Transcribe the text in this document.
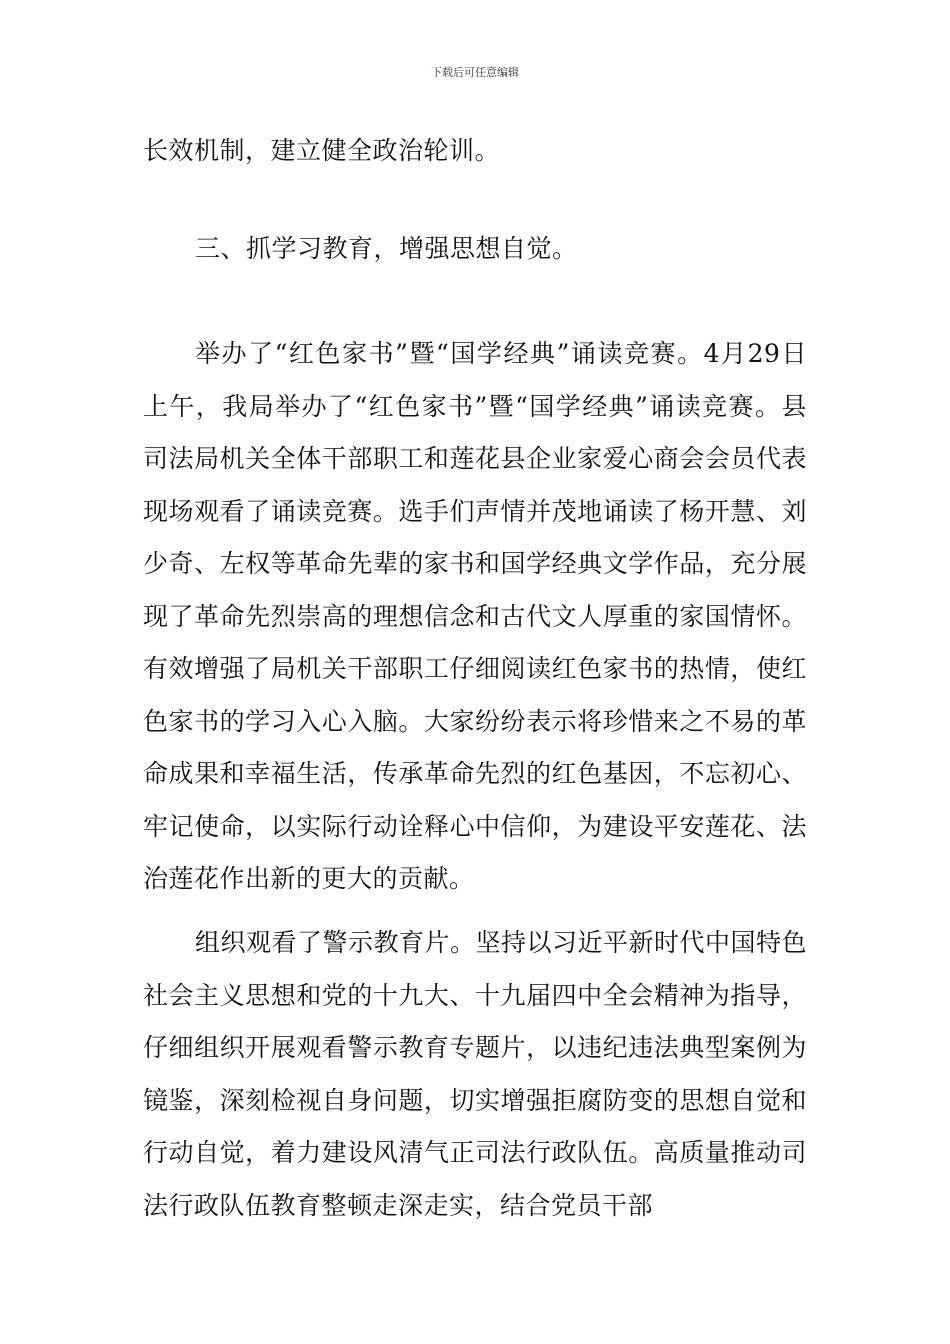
下载后可任意编辑

长效机制，建立健全政治轮训。

三、抓学习教育，增强思想自觉。

举办了“红色家书”暨“国学经典”诵读竞赛。4月29日上午，我局举办了“红色家书”暨“国学经典”诵读竞赛。县司法局机关全体干部职工和莲花县企业家爱心商会会员代表现场观看了诵读竞赛。选手们声情并茂地诵读了杨开慧、刘少奇、左权等革命先辈的家书和国学经典文学作品，充分展现了革命先烈崇高的理想信念和古代文人厚重的家国情怀。有效增强了局机关干部职工仔细阅读红色家书的热情，使红色家书的学习入心入脑。大家纷纷表示将珍惜来之不易的革命成果和幸福生活，传承革命先烈的红色基因，不忘初心、牢记使命，以实际行动诠释心中信仰，为建设平安莲花、法治莲花作出新的更大的贡献。

组织观看了警示教育片。坚持以习近平新时代中国特色社会主义思想和党的十九大、十九届四中全会精神为指导，仔细组织开展观看警示教育专题片，以违纪违法典型案例为镜鉴，深刻检视自身问题，切实增强拒腐防变的思想自觉和行动自觉，着力建设风清气正司法行政队伍。高质量推动司法行政队伍教育整顿走深走实，结合党员干部
